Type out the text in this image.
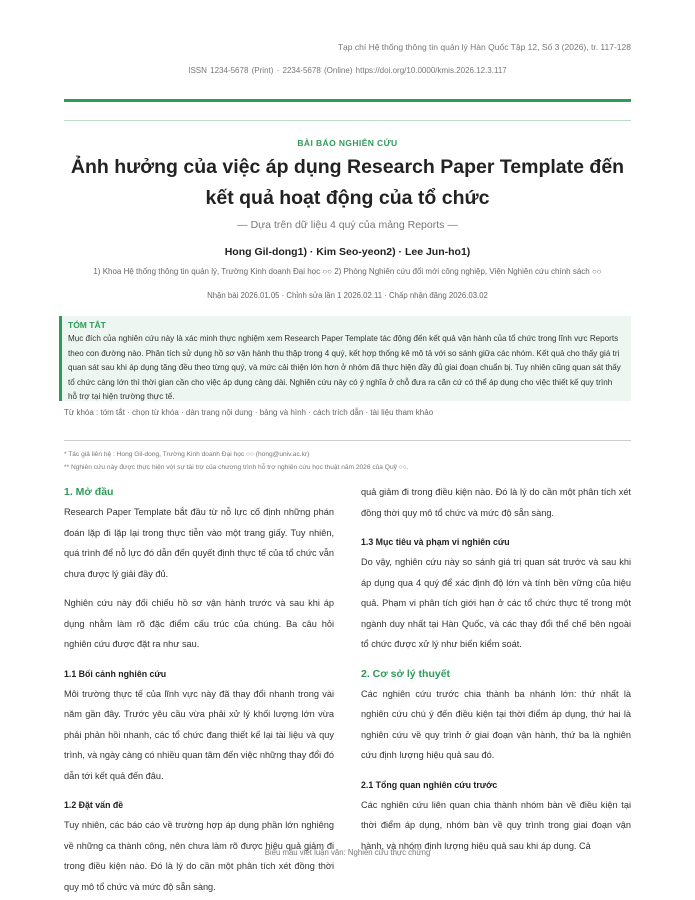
Tạp chí Hệ thống thông tin quản lý Hàn Quốc Tập 12, Số 3 (2026), tr. 117-128
ISSN 1234-5678 (Print) · 2234-5678 (Online) https://doi.org/10.0000/kmis.2026.12.3.117
BÀI BÁO NGHIÊN CỨU
Ảnh hưởng của việc áp dụng Research Paper Template đến kết quả hoạt động của tổ chức
— Dựa trên dữ liệu 4 quý của mảng Reports —
Hong Gil-dong1) · Kim Seo-yeon2) · Lee Jun-ho1)
1) Khoa Hệ thống thông tin quản lý, Trường Kinh doanh Đại học ○○ 2) Phòng Nghiên cứu đổi mới công nghiệp, Viện Nghiên cứu chính sách ○○
Nhận bài 2026.01.05 · Chỉnh sửa lần 1 2026.02.11 · Chấp nhận đăng 2026.03.02
TÓM TẮT
Mục đích của nghiên cứu này là xác minh thực nghiệm xem Research Paper Template tác động đến kết quả vận hành của tổ chức trong lĩnh vực Reports theo con đường nào. Phân tích sử dụng hồ sơ vận hành thu thập trong 4 quý, kết hợp thống kê mô tả với so sánh giữa các nhóm. Kết quả cho thấy giá trị quan sát sau khi áp dụng tăng đều theo từng quý, và mức cải thiện lớn hơn ở nhóm đã thực hiện đầy đủ giai đoạn chuẩn bị. Tuy nhiên cũng quan sát thấy tổ chức càng lớn thì thời gian cần cho việc áp dụng càng dài. Nghiên cứu này có ý nghĩa ở chỗ đưa ra căn cứ có thể áp dụng cho việc thiết kế quy trình hỗ trợ tại hiện trường thực tế.
Từ khóa : tóm tắt · chọn từ khóa · dàn trang nội dung · bảng và hình · cách trích dẫn · tài liệu tham khảo
* Tác giả liên hệ : Hong Gil-dong, Trường Kinh doanh Đại học ○○ (hong@univ.ac.kr)
** Nghiên cứu này được thực hiện với sự tài trợ của chương trình hỗ trợ nghiên cứu học thuật năm 2026 của Quỹ ○○.
1. Mở đầu

Research Paper Template bắt đầu từ nỗ lực cố định những phán đoán lặp đi lặp lại trong thực tiễn vào một trang giấy. Tuy nhiên, quá trình để nỗ lực đó dẫn đến quyết định thực tế của tổ chức vẫn chưa được lý giải đầy đủ.

Nghiên cứu này đối chiếu hồ sơ vận hành trước và sau khi áp dụng nhằm làm rõ đặc điểm cấu trúc của chúng. Ba câu hỏi nghiên cứu được đặt ra như sau.

1.1 Bối cảnh nghiên cứu

Môi trường thực tế của lĩnh vực này đã thay đổi nhanh trong vài năm gần đây. Trước yêu cầu vừa phải xử lý khối lượng lớn vừa phải phản hồi nhanh, các tổ chức đang thiết kế lại tài liệu và quy trình, và ngày càng có nhiều quan tâm đến việc những thay đổi đó dẫn tới kết quả đến đâu.

1.2 Đặt vấn đề

Tuy nhiên, các báo cáo về trường hợp áp dụng phần lớn nghiêng về những ca thành công, nên chưa làm rõ được hiệu quả giảm đi trong điều kiện nào. Đó là lý do cần một phân tích xét đồng thời quy mô tổ chức và mức độ sẵn sàng.

quả giảm đi trong điều kiện nào. Đó là lý do cần một phân tích xét đồng thời quy mô tổ chức và mức độ sẵn sàng.

1.3 Mục tiêu và phạm vi nghiên cứu

Do vậy, nghiên cứu này so sánh giá trị quan sát trước và sau khi áp dụng qua 4 quý để xác định độ lớn và tính bền vững của hiệu quả. Phạm vi phân tích giới hạn ở các tổ chức thực tế trong một ngành duy nhất tại Hàn Quốc, và các thay đổi thể chế bên ngoài tổ chức được xử lý như biến kiểm soát.

2. Cơ sở lý thuyết

Các nghiên cứu trước chia thành ba nhánh lớn: thứ nhất là nghiên cứu chú ý đến điều kiện tại thời điểm áp dụng, thứ hai là nghiên cứu về quy trình ở giai đoạn vận hành, thứ ba là nghiên cứu định lượng hiệu quả sau đó.

2.1 Tổng quan nghiên cứu trước

Các nghiên cứu liên quan chia thành nhóm bàn về điều kiện tại thời điểm áp dụng, nhóm bàn về quy trình trong giai đoạn vận hành, và nhóm định lượng hiệu quả sau khi áp dụng. Cả

Biểu mẫu viết luận văn: Nghiên cứu thực chứng
